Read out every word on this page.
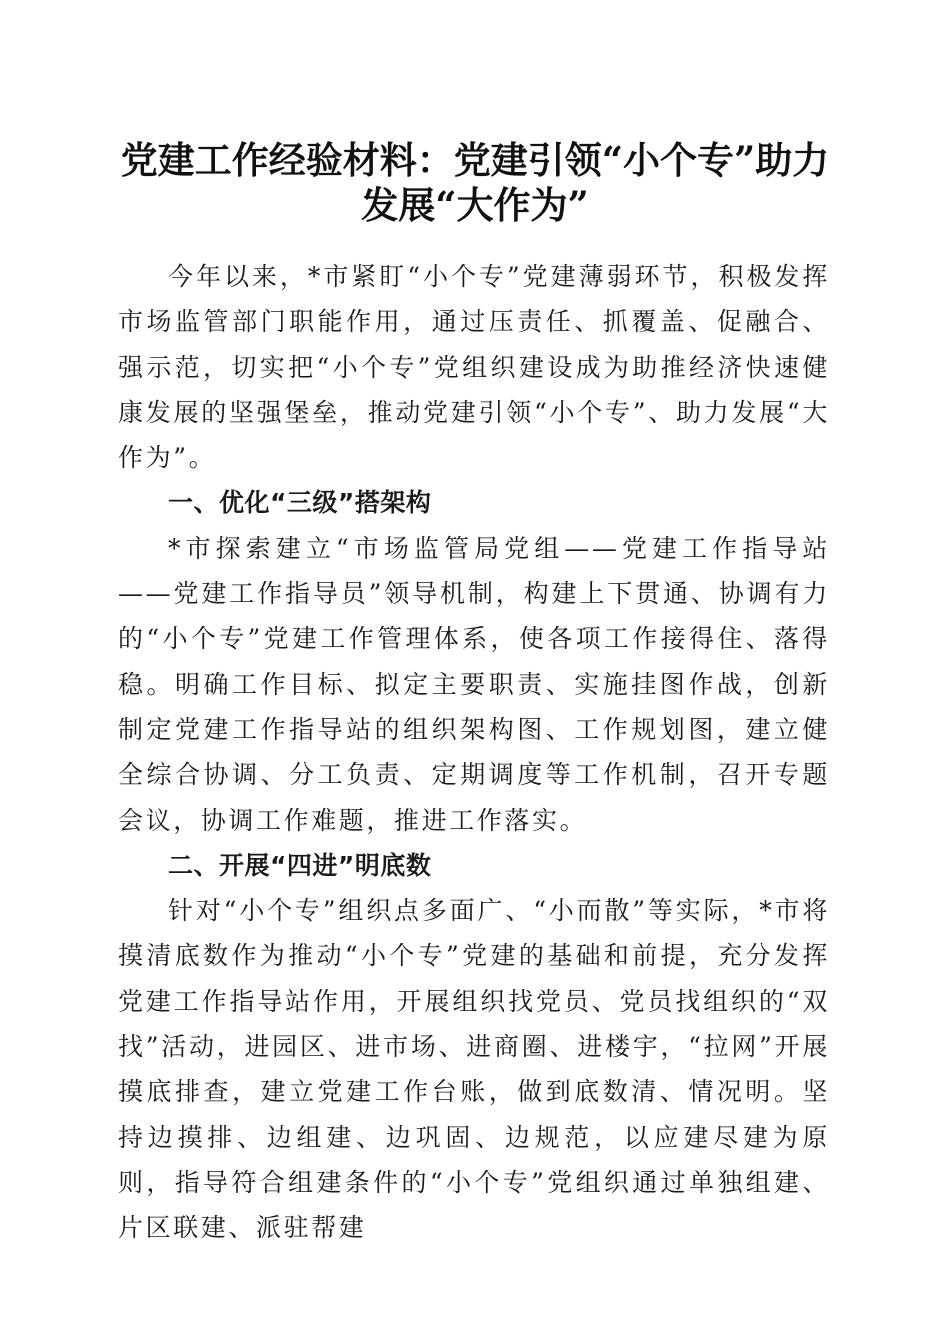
党建工作经验材料：党建引领“小个专”助力
发展“大作为”

今年以来，*市紧盯“小个专”党建薄弱环节，积极发挥市场监管部门职能作用，通过压责任、抓覆盖、促融合、强示范，切实把“小个专”党组织建设成为助推经济快速健康发展的坚强堡垒，推动党建引领“小个专”、助力发展“大作为”。

一、优化“三级”搭架构

*市探索建立“市场监管局党组——党建工作指导站——党建工作指导员”领导机制，构建上下贯通、协调有力的“小个专”党建工作管理体系，使各项工作接得住、落得稳。明确工作目标、拟定主要职责、实施挂图作战，创新制定党建工作指导站的组织架构图、工作规划图，建立健全综合协调、分工负责、定期调度等工作机制，召开专题会议，协调工作难题，推进工作落实。

二、开展“四进”明底数

针对“小个专”组织点多面广、“小而散”等实际，*市将摸清底数作为推动“小个专”党建的基础和前提，充分发挥党建工作指导站作用，开展组织找党员、党员找组织的“双找”活动，进园区、进市场、进商圈、进楼宇，“拉网”开展摸底排查，建立党建工作台账，做到底数清、情况明。坚持边摸排、边组建、边巩固、边规范，以应建尽建为原则，指导符合组建条件的“小个专”党组织通过单独组建、片区联建、派驻帮建
